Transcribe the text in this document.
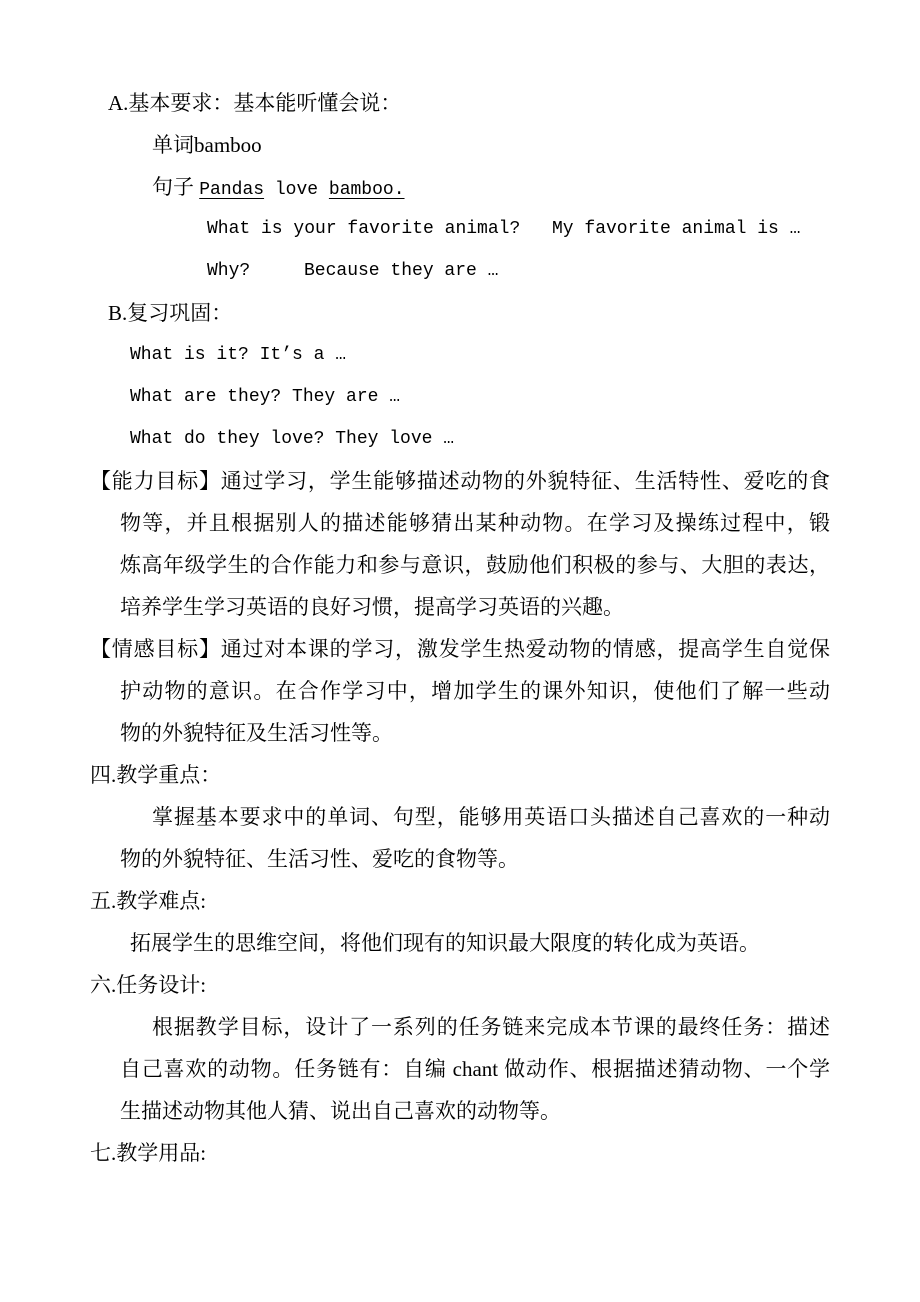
A.基本要求：基本能听懂会说：
单词bamboo
句子 Pandas love bamboo.
What is your favorite animal? My favorite animal is …
Why?	Because they are …
B.复习巩固：
What is it? It’s a …
What are they? They are …
What do they love? They love …
【能力目标】通过学习，学生能够描述动物的外貌特征、生活特性、爱吃的食
物等，并且根据别人的描述能够猜出某种动物。在学习及操练过程中，锻
炼高年级学生的合作能力和参与意识，鼓励他们积极的参与、大胆的表达，
培养学生学习英语的良好习惯，提高学习英语的兴趣。
【情感目标】通过对本课的学习，激发学生热爱动物的情感，提高学生自觉保
护动物的意识。在合作学习中，增加学生的课外知识，使他们了解一些动
物的外貌特征及生活习性等。
四.教学重点：
掌握基本要求中的单词、句型，能够用英语口头描述自己喜欢的一种动
物的外貌特征、生活习性、爱吃的食物等。
五.教学难点:
拓展学生的思维空间，将他们现有的知识最大限度的转化成为英语。
六.任务设计:
根据教学目标，设计了一系列的任务链来完成本节课的最终任务：描述
自己喜欢的动物。任务链有：自编 chant 做动作、根据描述猜动物、一个学
生描述动物其他人猜、说出自己喜欢的动物等。
七.教学用品:
